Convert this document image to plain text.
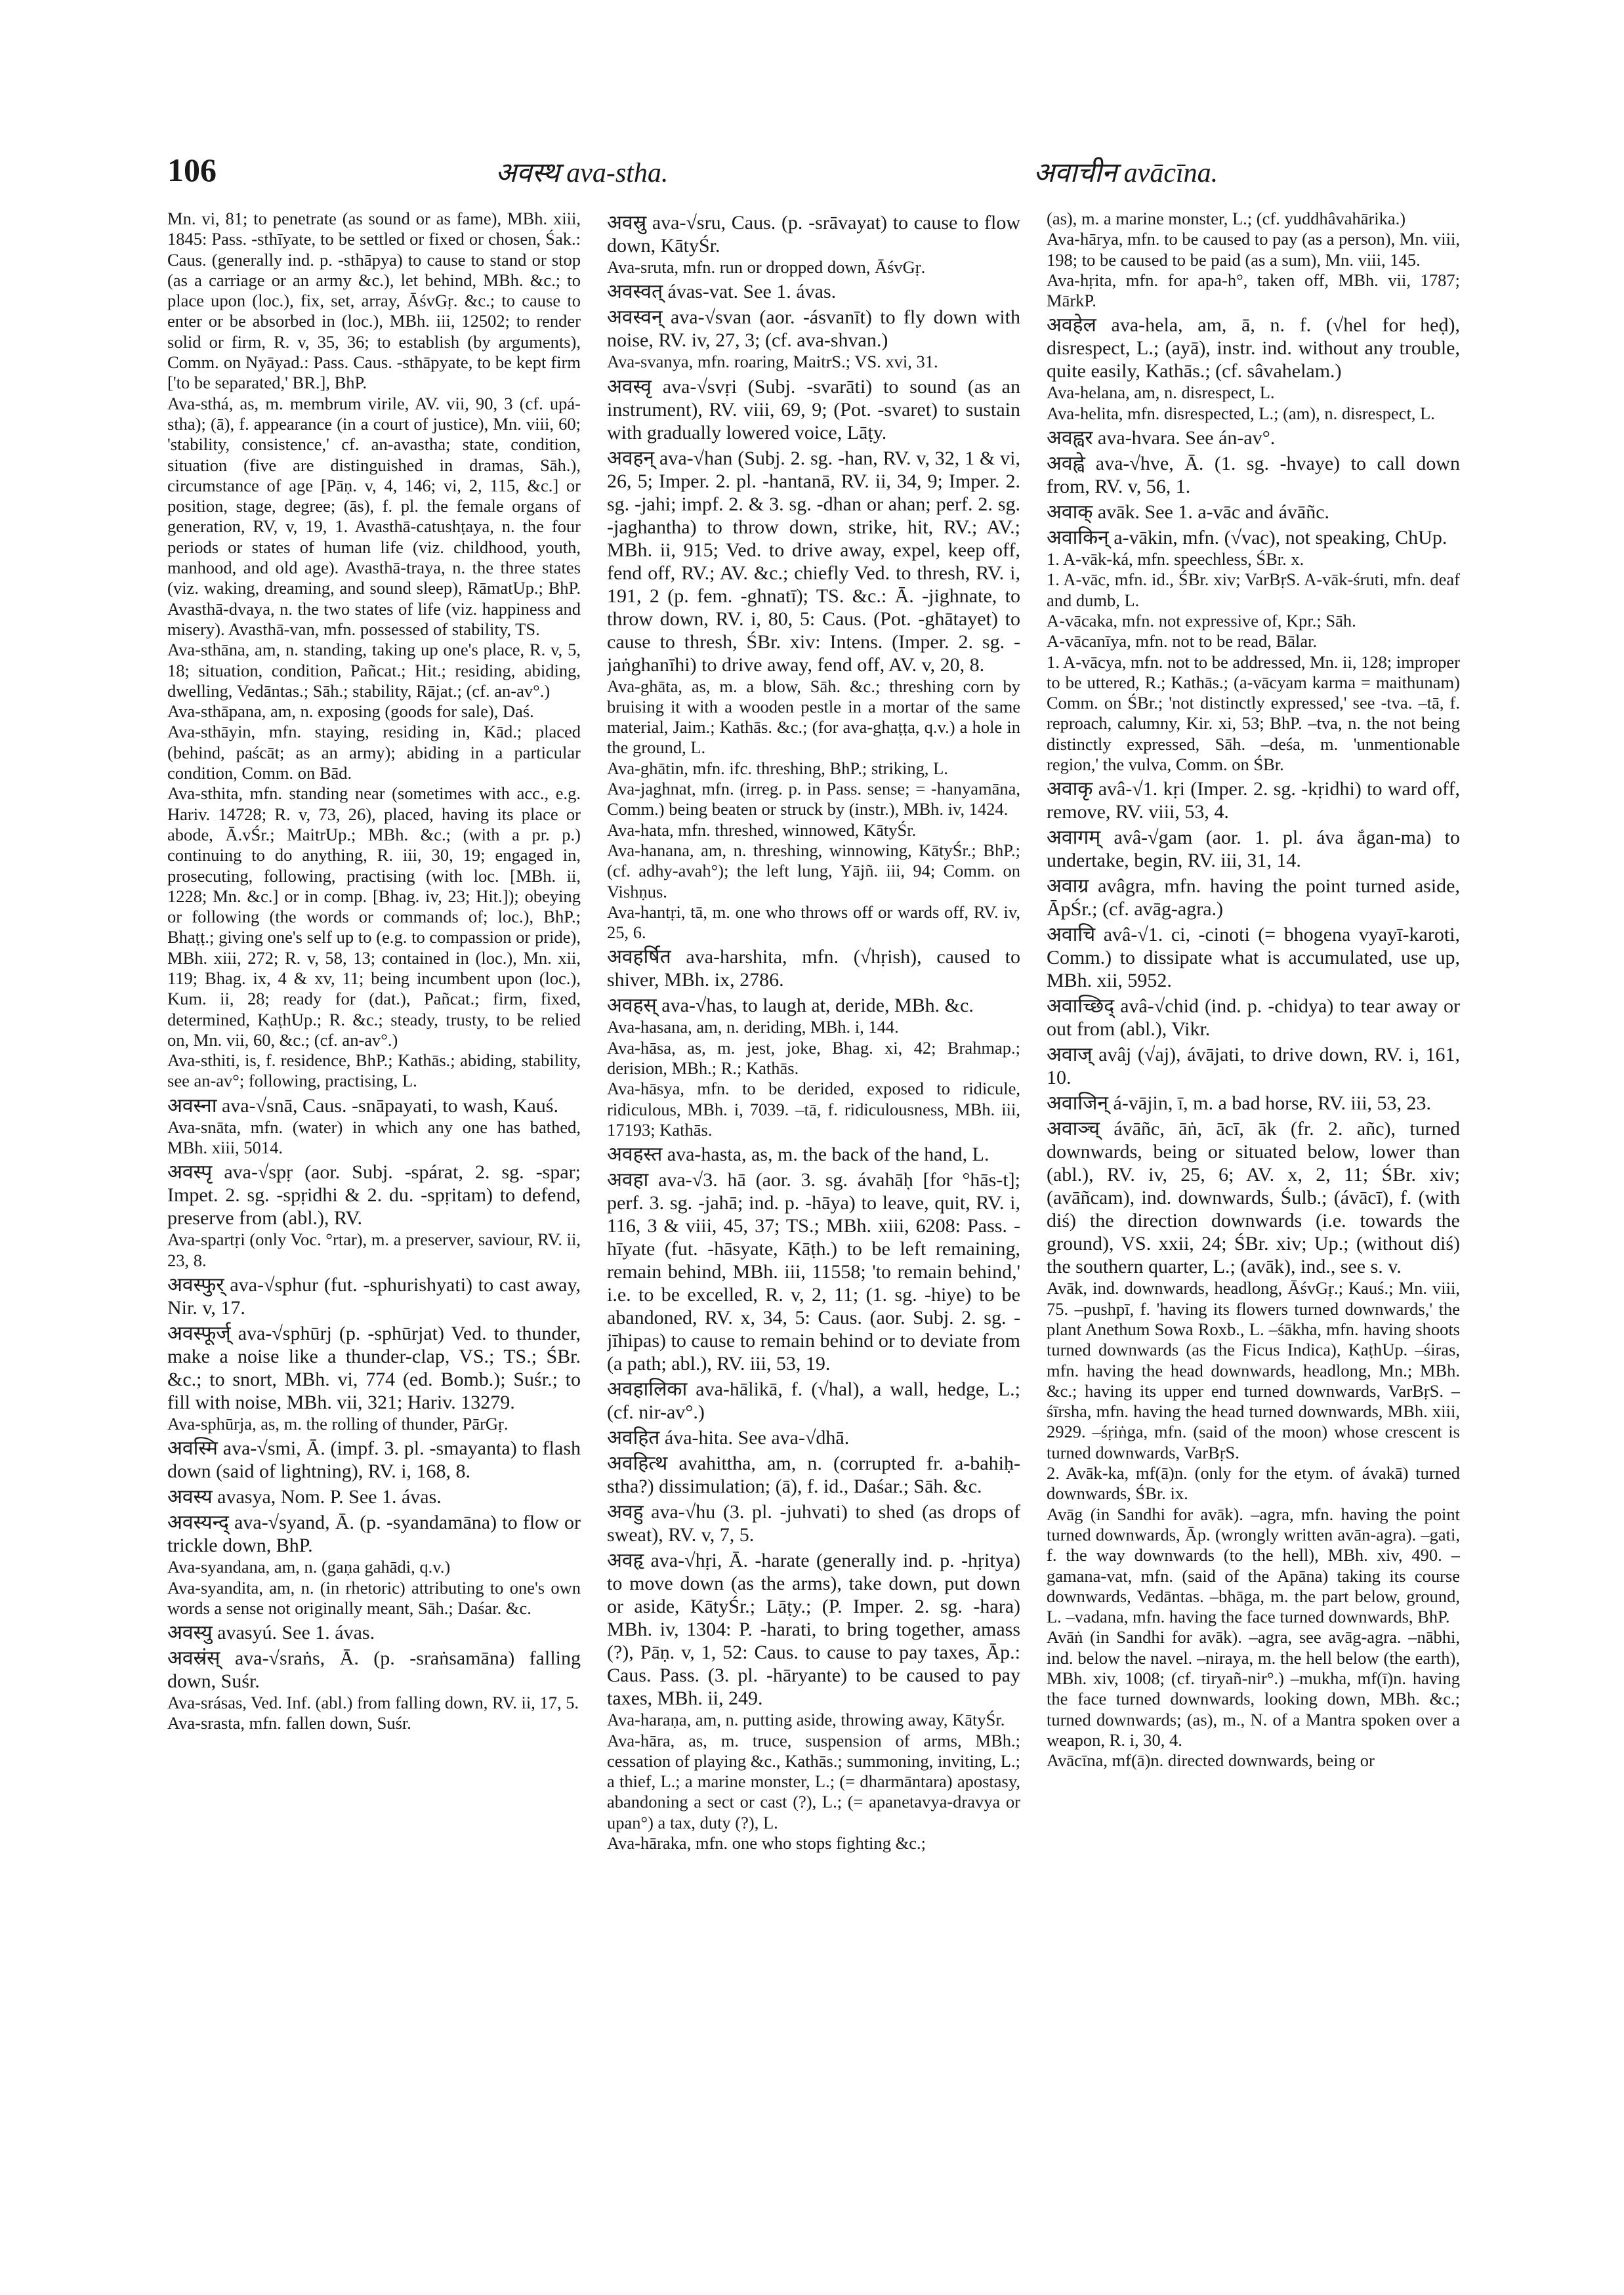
106	अवस्थ ava-stha.	अवाचीन avācīna.

Mn. vi, 81; to penetrate (as sound or as fame), MBh. xiii, 1845: Pass. -sthīyate, to be settled or fixed or chosen, Śak.: Caus. (generally ind. p. -sthāpya) to cause to stand or stop (as a carriage or an army &c.), let behind, MBh. &c.; to place upon (loc.), fix, set, array, ĀśvGṛ. &c.; to cause to enter or be absorbed in (loc.), MBh. iii, 12502; to render solid or firm, R. v, 35, 36; to establish (by arguments), Comm. on Nyāyad.: Pass. Caus. -sthāpyate, to be kept firm ['to be separated,' BR.], BhP.

Ava-sthá, as, m. membrum virile, AV. vii, 90, 3 (cf. upá-stha); (ā), f. appearance (in a court of justice), Mn. viii, 60; 'stability, consistence,' cf. an-avastha; state, condition, situation (five are distinguished in dramas, Sāh.), circumstance of age [Pāṇ. v, 4, 146; vi, 2, 115, &c.] or position, stage, degree; (ās), f. pl. the female organs of generation, RV, v, 19, 1. Avasthā-catushṭaya, n. the four periods or states of human life (viz. childhood, youth, manhood, and old age). Avasthā-traya, n. the three states (viz. waking, dreaming, and sound sleep), RāmatUp.; BhP. Avasthā-dvaya, n. the two states of life (viz. happiness and misery). Avasthā-van, mfn. possessed of stability, TS.

Ava-sthāna, am, n. standing, taking up one's place, R. v, 5, 18; situation, condition, Pañcat.; Hit.; residing, abiding, dwelling, Vedāntas.; Sāh.; stability, Rājat.; (cf. an-av°.)

Ava-sthāpana, am, n. exposing (goods for sale), Daś.

Ava-sthāyin, mfn. staying, residing in, Kād.; placed (behind, paścāt; as an army); abiding in a particular condition, Comm. on Bād.

Ava-sthita, mfn. standing near (sometimes with acc., e.g. Hariv. 14728; R. v, 73, 26), placed, having its place or abode, Ā.vŚr.; MaitrUp.; MBh. &c.; (with a pr. p.) continuing to do anything, R. iii, 30, 19; engaged in, prosecuting, following, practising (with loc. [MBh. ii, 1228; Mn. &c.] or in comp. [Bhag. iv, 23; Hit.]); obeying or following (the words or commands of; loc.), BhP.; Bhaṭṭ.; giving one's self up to (e.g. to compassion or pride), MBh. xiii, 272; R. v, 58, 13; contained in (loc.), Mn. xii, 119; Bhag. ix, 4 & xv, 11; being incumbent upon (loc.), Kum. ii, 28; ready for (dat.), Pañcat.; firm, fixed, determined, KaṭhUp.; R. &c.; steady, trusty, to be relied on, Mn. vii, 60, &c.; (cf. an-av°.)

Ava-sthiti, is, f. residence, BhP.; Kathās.; abiding, stability, see an-av°; following, practising, L.

अवस्ना ava-√snā, Caus. -snāpayati, to wash, Kauś.

Ava-snāta, mfn. (water) in which any one has bathed, MBh. xiii, 5014.

अवस्पृ ava-√spṛ (aor. Subj. -spárat, 2. sg. -spar; Impet. 2. sg. -spṛidhi & 2. du. -spṛitam) to defend, preserve from (abl.), RV.

Ava-spartṛi (only Voc. °rtar), m. a preserver, saviour, RV. ii, 23, 8.

अवस्फुर् ava-√sphur (fut. -sphurishyati) to cast away, Nir. v, 17.

अवस्फूर्ज् ava-√sphūrj (p. -sphūrjat) Ved. to thunder, make a noise like a thunder-clap, VS.; TS.; ŚBr. &c.; to snort, MBh. vi, 774 (ed. Bomb.); Suśr.; to fill with noise, MBh. vii, 321; Hariv. 13279.

Ava-sphūrja, as, m. the rolling of thunder, PārGṛ.

अवस्मि ava-√smi, Ā. (impf. 3. pl. -smayanta) to flash down (said of lightning), RV. i, 168, 8.

अवस्य avasya, Nom. P. See 1. ávas.

अवस्यन्द् ava-√syand, Ā. (p. -syandamāna) to flow or trickle down, BhP.

Ava-syandana, am, n. (gaṇa gahādi, q.v.)

Ava-syandita, am, n. (in rhetoric) attributing to one's own words a sense not originally meant, Sāh.; Daśar. &c.

अवस्यु avasyú. See 1. ávas.

अवस्रंस् ava-√sraṅs, Ā. (p. -sraṅsamāna) falling down, Suśr.

Ava-srásas, Ved. Inf. (abl.) from falling down, RV. ii, 17, 5.

Ava-srasta, mfn. fallen down, Suśr.

अवस्रु ava-√sru, Caus. (p. -srāvayat) to cause to flow down, KātyŚr.

Ava-sruta, mfn. run or dropped down, ĀśvGṛ.

अवस्वत् ávas-vat. See 1. ávas.

अवस्वन् ava-√svan (aor. -ásvanīt) to fly down with noise, RV. iv, 27, 3; (cf. ava-shvan.)

Ava-svanya, mfn. roaring, MaitrS.; VS. xvi, 31.

अवस्वृ ava-√svṛi (Subj. -svarāti) to sound (as an instrument), RV. viii, 69, 9; (Pot. -svaret) to sustain with gradually lowered voice, Lāṭy.

अवहन् ava-√han (Subj. 2. sg. -han, RV. v, 32, 1 & vi, 26, 5; Imper. 2. pl. -hantanā, RV. ii, 34, 9; Imper. 2. sg. -jahi; impf. 2. & 3. sg. -dhan or ahan; perf. 2. sg. -jaghantha) to throw down, strike, hit, RV.; AV.; MBh. ii, 915; Ved. to drive away, expel, keep off, fend off, RV.; AV. &c.; chiefly Ved. to thresh, RV. i, 191, 2 (p. fem. -ghnatī); TS. &c.: Ā. -jighnate, to throw down, RV. i, 80, 5: Caus. (Pot. -ghātayet) to cause to thresh, ŚBr. xiv: Intens. (Imper. 2. sg. -jaṅghanīhi) to drive away, fend off, AV. v, 20, 8.

Ava-ghāta, as, m. a blow, Sāh. &c.; threshing corn by bruising it with a wooden pestle in a mortar of the same material, Jaim.; Kathās. &c.; (for ava-ghaṭṭa, q.v.) a hole in the ground, L.

Ava-ghātin, mfn. ifc. threshing, BhP.; striking, L.

Ava-jaghnat, mfn. (irreg. p. in Pass. sense; = -hanyamāna, Comm.) being beaten or struck by (instr.), MBh. iv, 1424.

Ava-hata, mfn. threshed, winnowed, KātyŚr.

Ava-hanana, am, n. threshing, winnowing, KātyŚr.; BhP.; (cf. adhy-avah°); the left lung, Yājñ. iii, 94; Comm. on Vishṇus.

Ava-hantṛi, tā, m. one who throws off or wards off, RV. iv, 25, 6.

अवहर्षित ava-harshita, mfn. (√hṛish), caused to shiver, MBh. ix, 2786.

अवहस् ava-√has, to laugh at, deride, MBh. &c.

Ava-hasana, am, n. deriding, MBh. i, 144.

Ava-hāsa, as, m. jest, joke, Bhag. xi, 42; Brahmap.; derision, MBh.; R.; Kathās.

Ava-hāsya, mfn. to be derided, exposed to ridicule, ridiculous, MBh. i, 7039. –tā, f. ridiculousness, MBh. iii, 17193; Kathās.

अवहस्त ava-hasta, as, m. the back of the hand, L.

अवहा ava-√3. hā (aor. 3. sg. ávahāḥ [for °hās-t]; perf. 3. sg. -jahā; ind. p. -hāya) to leave, quit, RV. i, 116, 3 & viii, 45, 37; TS.; MBh. xiii, 6208: Pass. -hīyate (fut. -hāsyate, Kāṭh.) to be left remaining, remain behind, MBh. iii, 11558; 'to remain behind,' i.e. to be excelled, R. v, 2, 11; (1. sg. -hiye) to be abandoned, RV. x, 34, 5: Caus. (aor. Subj. 2. sg. -jīhipas) to cause to remain behind or to deviate from (a path; abl.), RV. iii, 53, 19.

अवहालिका ava-hālikā, f. (√hal), a wall, hedge, L.; (cf. nir-av°.)

अवहित áva-hita. See ava-√dhā.

अवहित्थ avahittha, am, n. (corrupted fr. a-bahiḥ-stha?) dissimulation; (ā), f. id., Daśar.; Sāh. &c.

अवहु ava-√hu (3. pl. -juhvati) to shed (as drops of sweat), RV. v, 7, 5.

अवहृ ava-√hṛi, Ā. -harate (generally ind. p. -hṛitya) to move down (as the arms), take down, put down or aside, KātyŚr.; Lāṭy.; (P. Imper. 2. sg. -hara) MBh. iv, 1304: P. -harati, to bring together, amass (?), Pāṇ. v, 1, 52: Caus. to cause to pay taxes, Āp.: Caus. Pass. (3. pl. -hāryante) to be caused to pay taxes, MBh. ii, 249.

Ava-haraṇa, am, n. putting aside, throwing away, KātyŚr.

Ava-hāra, as, m. truce, suspension of arms, MBh.; cessation of playing &c., Kathās.; summoning, inviting, L.; a thief, L.; a marine monster, L.; (= dharmāntara) apostasy, abandoning a sect or cast (?), L.; (= apanetavya-dravya or upan°) a tax, duty (?), L.

Ava-hāraka, mfn. one who stops fighting &c.;

(as), m. a marine monster, L.; (cf. yuddhâvahārika.)

Ava-hārya, mfn. to be caused to pay (as a person), Mn. viii, 198; to be caused to be paid (as a sum), Mn. viii, 145.

Ava-hṛita, mfn. for apa-h°, taken off, MBh. vii, 1787; MārkP.

अवहेल ava-hela, am, ā, n. f. (√hel for heḍ), disrespect, L.; (ayā), instr. ind. without any trouble, quite easily, Kathās.; (cf. sâvahelam.)

Ava-helana, am, n. disrespect, L.

Ava-helita, mfn. disrespected, L.; (am), n. disrespect, L.

अवह्वर ava-hvara. See án-av°.

अवह्वे ava-√hve, Ā. (1. sg. -hvaye) to call down from, RV. v, 56, 1.

अवाक् avāk. See 1. a-vāc and ávāñc.

अवाकिन् a-vākin, mfn. (√vac), not speaking, ChUp.

1. A-vāk-ká, mfn. speechless, ŚBr. x.

1. A-vāc, mfn. id., ŚBr. xiv; VarBṛS. A-vāk-śruti, mfn. deaf and dumb, L.

A-vācaka, mfn. not expressive of, Kpr.; Sāh.

A-vācanīya, mfn. not to be read, Bālar.

1. A-vācya, mfn. not to be addressed, Mn. ii, 128; improper to be uttered, R.; Kathās.; (a-vācyam karma = maithunam) Comm. on ŚBr.; 'not distinctly expressed,' see -tva. –tā, f. reproach, calumny, Kir. xi, 53; BhP. –tva, n. the not being distinctly expressed, Sāh. –deśa, m. 'unmentionable region,' the vulva, Comm. on ŚBr.

अवाकृ avâ-√1. kṛi (Imper. 2. sg. -kṛidhi) to ward off, remove, RV. viii, 53, 4.

अवागम् avâ-√gam (aor. 1. pl. áva ắgan-ma) to undertake, begin, RV. iii, 31, 14.

अवाग्र avâgra, mfn. having the point turned aside, ĀpŚr.; (cf. avāg-agra.)

अवाचि avâ-√1. ci, -cinoti (= bhogena vyayī-karoti, Comm.) to dissipate what is accumulated, use up, MBh. xii, 5952.

अवाच्छिद् avâ-√chid (ind. p. -chidya) to tear away or out from (abl.), Vikr.

अवाज् avâj (√aj), ávājati, to drive down, RV. i, 161, 10.

अवाजिन् á-vājin, ī, m. a bad horse, RV. iii, 53, 23.

अवाञ्च् ávāñc, āṅ, ācī, āk (fr. 2. añc), turned downwards, being or situated below, lower than (abl.), RV. iv, 25, 6; AV. x, 2, 11; ŚBr. xiv; (avāñcam), ind. downwards, Śulb.; (ávācī), f. (with diś) the direction downwards (i.e. towards the ground), VS. xxii, 24; ŚBr. xiv; Up.; (without diś) the southern quarter, L.; (avāk), ind., see s. v.

Avāk, ind. downwards, headlong, ĀśvGṛ.; Kauś.; Mn. viii, 75. –pushpī, f. 'having its flowers turned downwards,' the plant Anethum Sowa Roxb., L. –śākha, mfn. having shoots turned downwards (as the Ficus Indica), KaṭhUp. –śiras, mfn. having the head downwards, headlong, Mn.; MBh. &c.; having its upper end turned downwards, VarBṛS. –śīrsha, mfn. having the head turned downwards, MBh. xiii, 2929. –śṛiṅga, mfn. (said of the moon) whose crescent is turned downwards, VarBṛS.

2. Avāk-ka, mf(ā)n. (only for the etym. of ávakā) turned downwards, ŚBr. ix.

Avāg (in Sandhi for avāk). –agra, mfn. having the point turned downwards, Āp. (wrongly written avān-agra). –gati, f. the way downwards (to the hell), MBh. xiv, 490. –gamana-vat, mfn. (said of the Apāna) taking its course downwards, Vedāntas. –bhāga, m. the part below, ground, L. –vadana, mfn. having the face turned downwards, BhP.

Avāṅ (in Sandhi for avāk). –agra, see avāg-agra. –nābhi, ind. below the navel. –niraya, m. the hell below (the earth), MBh. xiv, 1008; (cf. tiryañ-nir°.) –mukha, mf(ī)n. having the face turned downwards, looking down, MBh. &c.; turned downwards; (as), m., N. of a Mantra spoken over a weapon, R. i, 30, 4.

Avācīna, mf(ā)n. directed downwards, being or
